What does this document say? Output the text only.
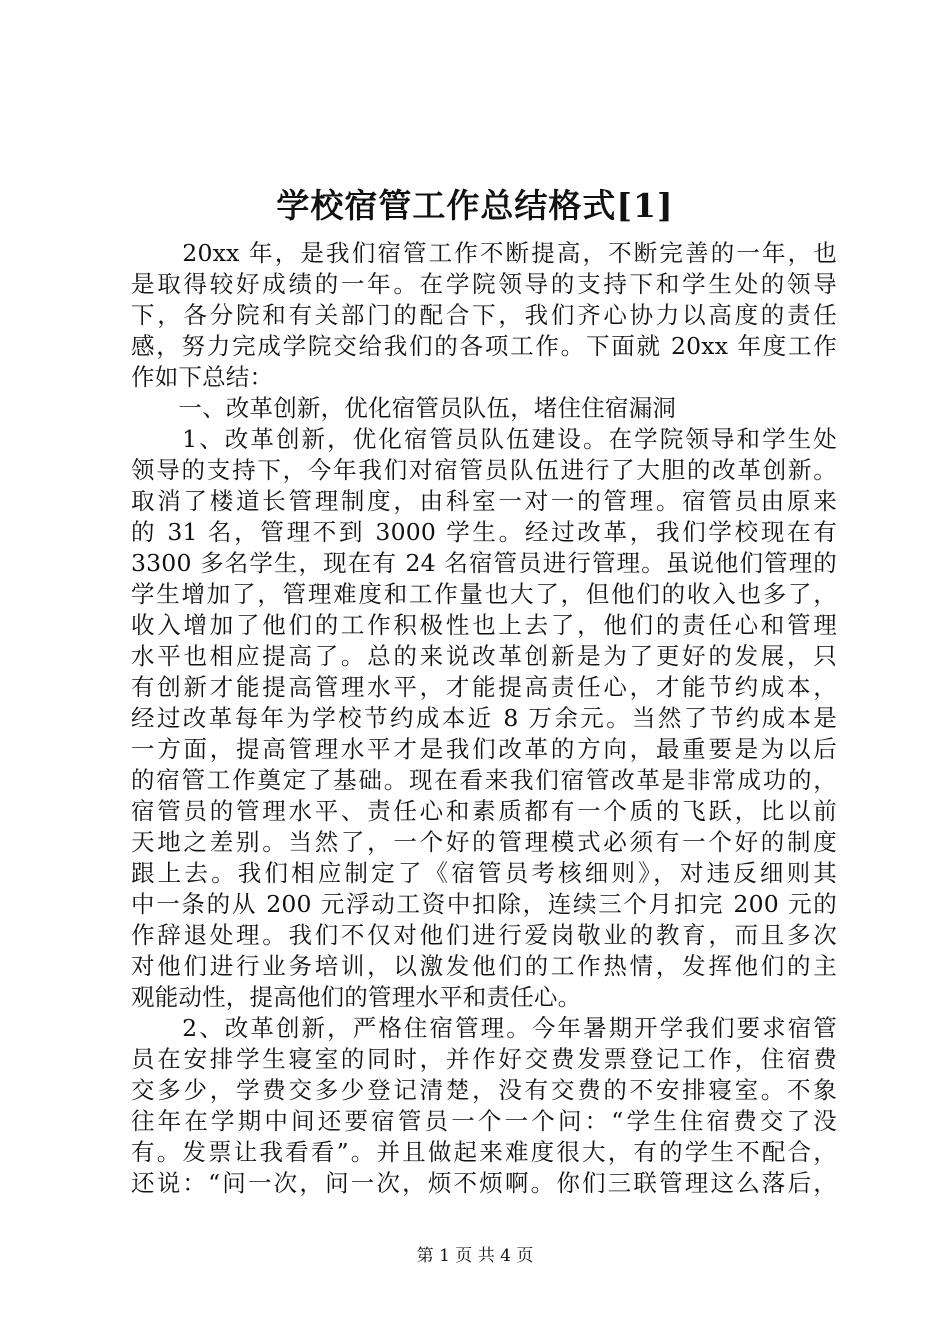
学校宿管工作总结格式[1]
　　20xx 年，是我们宿管工作不断提高，不断完善的一年，也
是取得较好成绩的一年。在学院领导的支持下和学生处的领导
下，各分院和有关部门的配合下，我们齐心协力以高度的责任
感，努力完成学院交给我们的各项工作。下面就 20xx 年度工作
作如下总结：
　　一、改革创新，优化宿管员队伍，堵住住宿漏洞
　　1、改革创新，优化宿管员队伍建设。在学院领导和学生处
领导的支持下，今年我们对宿管员队伍进行了大胆的改革创新。
取消了楼道长管理制度，由科室一对一的管理。宿管员由原来
的 31 名，管理不到 3000 学生。经过改革，我们学校现在有
3300 多名学生，现在有 24 名宿管员进行管理。虽说他们管理的
学生增加了，管理难度和工作量也大了，但他们的收入也多了，
收入增加了他们的工作积极性也上去了，他们的责任心和管理
水平也相应提高了。总的来说改革创新是为了更好的发展，只
有创新才能提高管理水平，才能提高责任心，才能节约成本，
经过改革每年为学校节约成本近 8 万余元。当然了节约成本是
一方面，提高管理水平才是我们改革的方向，最重要是为以后
的宿管工作奠定了基础。现在看来我们宿管改革是非常成功的，
宿管员的管理水平、责任心和素质都有一个质的飞跃，比以前
天地之差别。当然了，一个好的管理模式必须有一个好的制度
跟上去。我们相应制定了《宿管员考核细则》，对违反细则其
中一条的从 200 元浮动工资中扣除，连续三个月扣完 200 元的
作辞退处理。我们不仅对他们进行爱岗敬业的教育，而且多次
对他们进行业务培训，以激发他们的工作热情，发挥他们的主
观能动性，提高他们的管理水平和责任心。
　　2、改革创新，严格住宿管理。今年暑期开学我们要求宿管
员在安排学生寝室的同时，并作好交费发票登记工作，住宿费
交多少，学费交多少登记清楚，没有交费的不安排寝室。不象
往年在学期中间还要宿管员一个一个问：“学生住宿费交了没
有。发票让我看看”。并且做起来难度很大，有的学生不配合，
还说：“问一次，问一次，烦不烦啊。你们三联管理这么落后，
第 1 页 共 4 页
